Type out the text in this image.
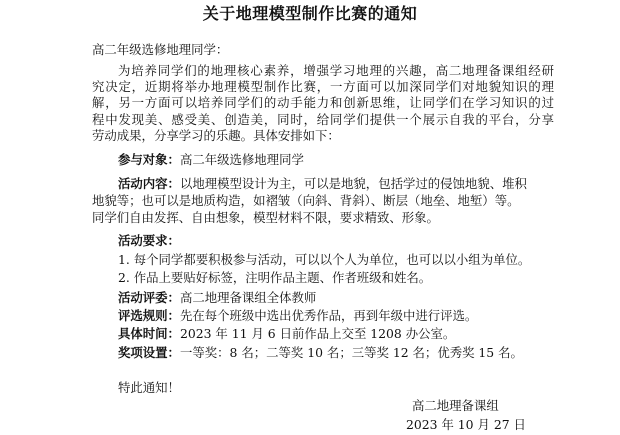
关于地理模型制作比赛的通知
高二年级选修地理同学：
为培养同学们的地理核心素养，增强学习地理的兴趣，高二地理备课组经研
究决定，近期将举办地理模型制作比赛，一方面可以加深同学们对地貌知识的理
解，另一方面可以培养同学们的动手能力和创新思维，让同学们在学习知识的过
程中发现美、感受美、创造美，同时，给同学们提供一个展示自我的平台，分享
劳动成果，分享学习的乐趣。具体安排如下：
参与对象：高二年级选修地理同学
活动内容：以地理模型设计为主，可以是地貌，包括学过的侵蚀地貌、堆积
地貌等；也可以是地质构造，如褶皱（向斜、背斜）、断层（地垒、地堑）等。
同学们自由发挥、自由想象，模型材料不限，要求精致、形象。
活动要求：
1. 每个同学都要积极参与活动，可以以个人为单位，也可以以小组为单位。
2. 作品上要贴好标签，注明作品主题、作者班级和姓名。
活动评委：高二地理备课组全体教师
评选规则：先在每个班级中选出优秀作品，再到年级中进行评选。
具体时间：2023 年 11 月 6 日前作品上交至 1208 办公室。
奖项设置：一等奖：8 名；二等奖 10 名；三等奖 12 名；优秀奖 15 名。
特此通知！
高二地理备课组
2023 年 10 月 27 日
